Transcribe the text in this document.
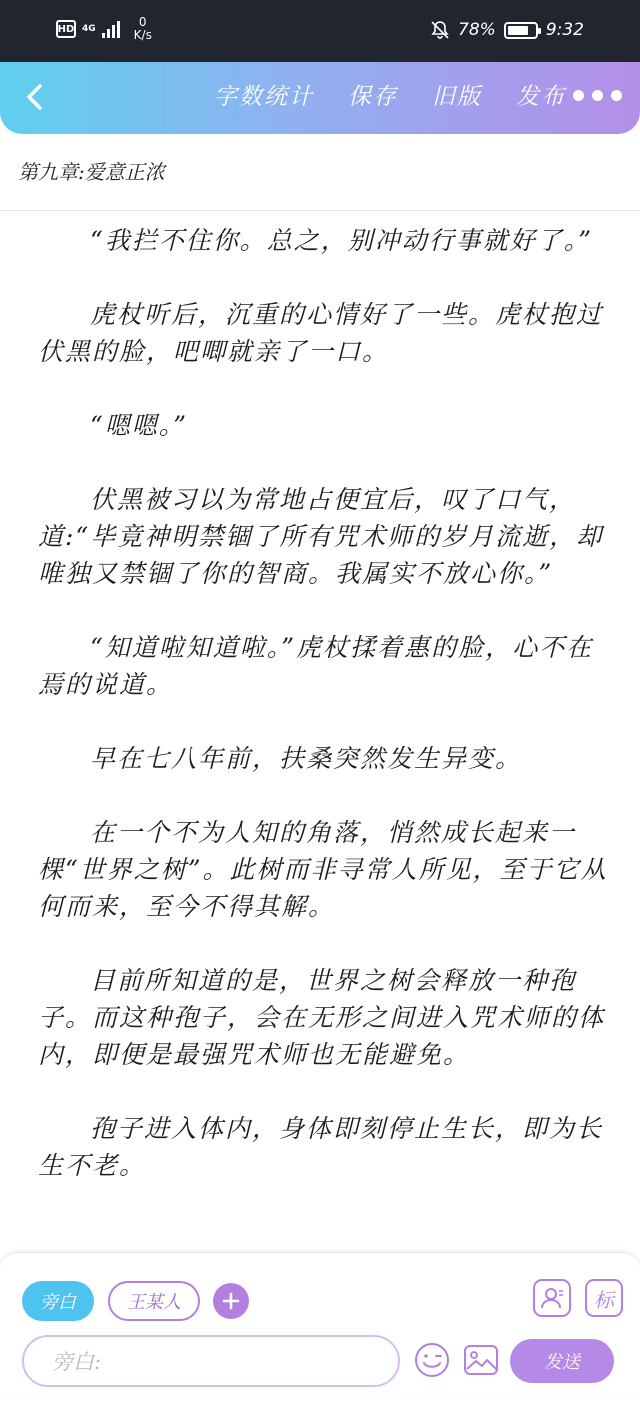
HD 4G	0
K/s	78%	9:32
字数统计 保存 旧版 发布
第九章:爱意正浓

“我拦不住你。总之，别冲动行事就好了。”

虎杖听后，沉重的心情好了一些。虎杖抱过伏黑的脸，吧唧就亲了一口。

“嗯嗯。”

伏黑被习以为常地占便宜后，叹了口气，道:“毕竟神明禁锢了所有咒术师的岁月流逝，却唯独又禁锢了你的智商。我属实不放心你。”

“知道啦知道啦。”虎杖揉着惠的脸，心不在焉的说道。

早在七八年前，扶桑突然发生异变。

在一个不为人知的角落，悄然成长起来一棵“世界之树”。此树而非寻常人所见，至于它从何而来，至今不得其解。

目前所知道的是，世界之树会释放一种孢子。而这种孢子，会在无形之间进入咒术师的体内，即便是最强咒术师也无能避免。

孢子进入体内，身体即刻停止生长，即为长生不老。

旁白	王某人	标
旁白:	发送
